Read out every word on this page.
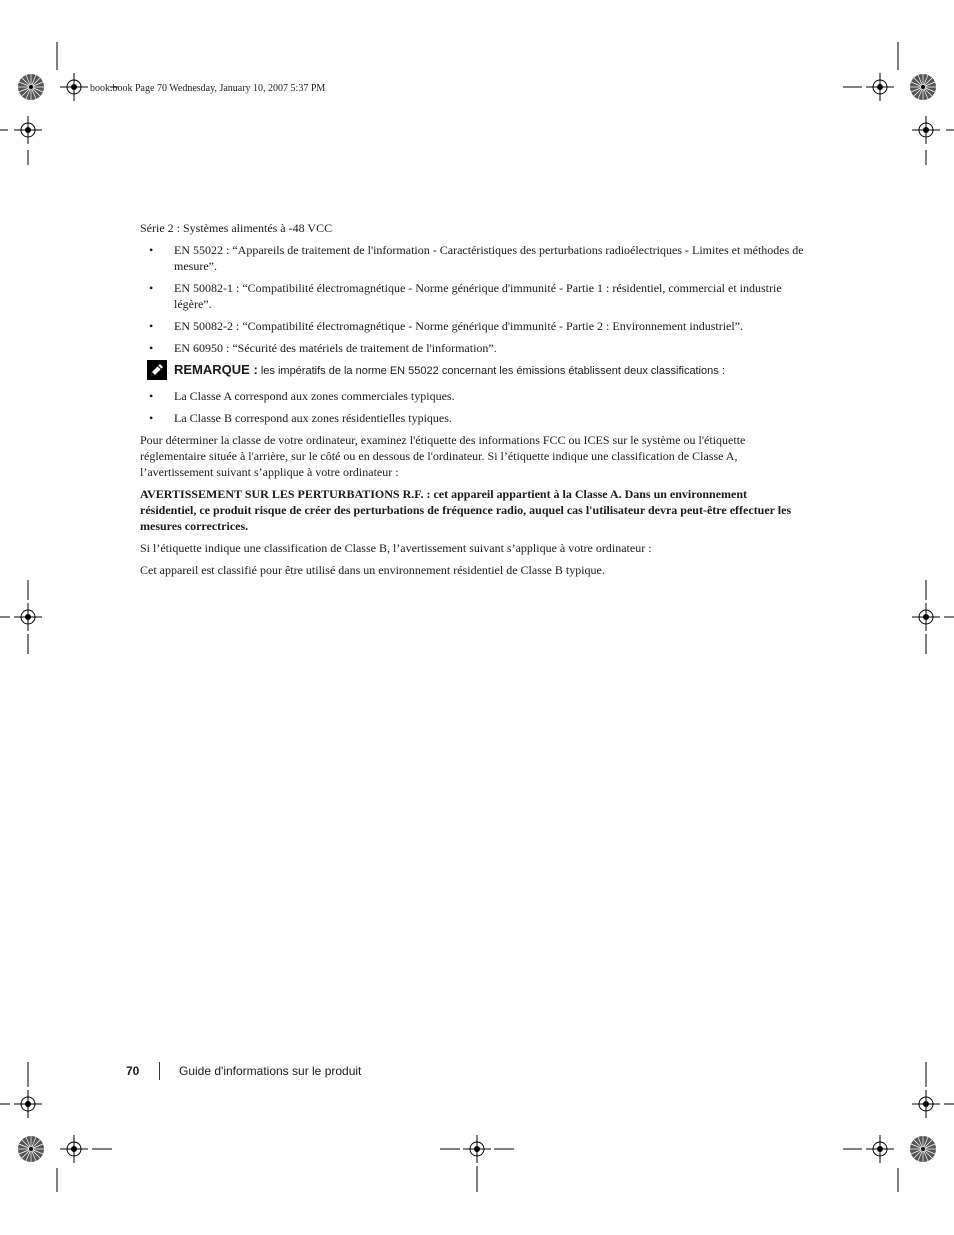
book.book Page 70 Wednesday, January 10, 2007 5:37 PM

Série 2 : Systèmes alimentés à -48 VCC

• EN 55022 : “Appareils de traitement de l'information - Caractéristiques des perturbations radioélectriques - Limites et méthodes de mesure”.
• EN 50082-1 : “Compatibilité électromagnétique - Norme générique d'immunité - Partie 1 : résidentiel, commercial et industrie légère”.
• EN 50082-2 : “Compatibilité électromagnétique - Norme générique d'immunité - Partie 2 : Environnement industriel”.
• EN 60950 : “Sécurité des matériels de traitement de l'information”.
REMARQUE : les impératifs de la norme EN 55022 concernant les émissions établissent deux classifications :
• La Classe A correspond aux zones commerciales typiques.
• La Classe B correspond aux zones résidentielles typiques.

Pour déterminer la classe de votre ordinateur, examinez l'étiquette des informations FCC ou ICES sur le système ou l'étiquette réglementaire située à l'arrière, sur le côté ou en dessous de l'ordinateur. Si l’étiquette indique une classification de Classe A, l’avertissement suivant s’applique à votre ordinateur :

AVERTISSEMENT SUR LES PERTURBATIONS R.F. : cet appareil appartient à la Classe A. Dans un environnement résidentiel, ce produit risque de créer des perturbations de fréquence radio, auquel cas l'utilisateur devra peut-être effectuer les mesures correctrices.

Si l’étiquette indique une classification de Classe B, l’avertissement suivant s’applique à votre ordinateur :

Cet appareil est classifié pour être utilisé dans un environnement résidentiel de Classe B typique.

70	Guide d'informations sur le produit
